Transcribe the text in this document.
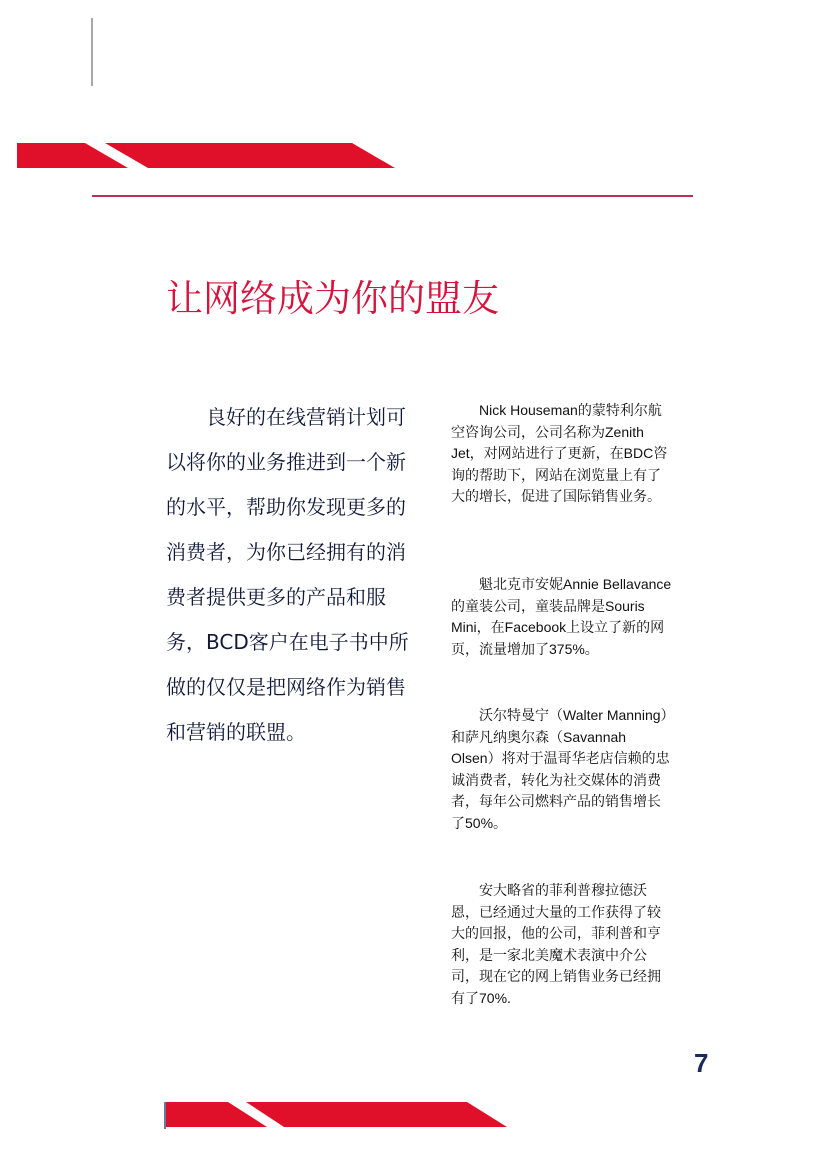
让网络成为你的盟友

良好的在线营销计划可以将你的业务推进到一个新的水平，帮助你发现更多的消费者，为你已经拥有的消费者提供更多的产品和服务，BCD客户在电子书中所做的仅仅是把网络作为销售和营销的联盟。

Nick Houseman的蒙特利尔航空咨询公司，公司名称为Zenith Jet，对网站进行了更新，在BDC咨询的帮助下，网站在浏览量上有了大的增长，促进了国际销售业务。

魁北克市安妮Annie Bellavance的童装公司，童装品牌是Souris Mini，在Facebook上设立了新的网页，流量增加了375%。

沃尔特曼宁（Walter Manning）和萨凡纳奥尔森（Savannah Olsen）将对于温哥华老店信赖的忠诚消费者，转化为社交媒体的消费者，每年公司燃料产品的销售增长了50%。

安大略省的菲利普穆拉德沃恩，已经通过大量的工作获得了较大的回报，他的公司，菲利普和亨利，是一家北美魔术表演中介公司，现在它的网上销售业务已经拥有了70%.

7
